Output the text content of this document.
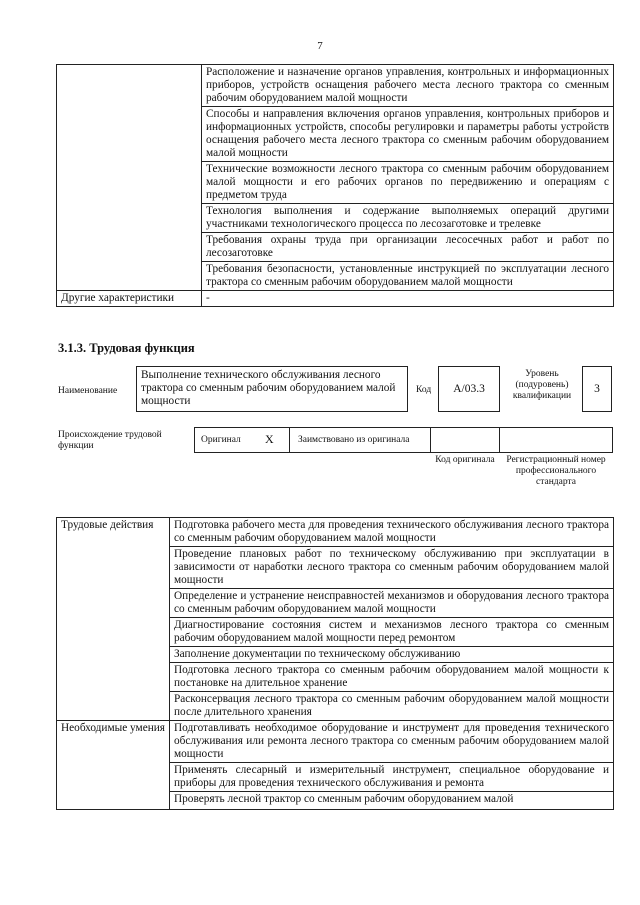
7
	Расположение и назначение органов управления, контрольных и информационных приборов, устройств оснащения рабочего места лесного трактора со сменным рабочим оборудованием малой мощности
	Способы и направления включения органов управления, контрольных приборов и информационных устройств, способы регулировки и параметры работы устройств оснащения рабочего места лесного трактора со сменным рабочим оборудованием малой мощности
	Технические возможности лесного трактора со сменным рабочим оборудованием малой мощности и его рабочих органов по передвижению и операциям с предметом труда
	Технология выполнения и содержание выполняемых операций другими участниками технологического процесса по лесозаготовке и трелевке
	Требования охраны труда при организации лесосечных работ и работ по лесозаготовке
	Требования безопасности, установленные инструкцией по эксплуатации лесного трактора со сменным рабочим оборудованием малой мощности
Другие характеристики	-
3.1.3. Трудовая функция
Наименование
Выполнение технического обслуживания лесного трактора со сменным рабочим оборудованием малой мощности
Код	А/03.3
Уровень (подуровень) квалификации
3
Происхождение трудовой функции
Оригинал X	Заимствовано из оригинала
Код оригинала	Регистрационный номер профессионального стандарта
Трудовые действия	Подготовка рабочего места для проведения технического обслуживания лесного трактора со сменным рабочим оборудованием малой мощности
	Проведение плановых работ по техническому обслуживанию при эксплуатации в зависимости от наработки лесного трактора со сменным рабочим оборудованием малой мощности
	Определение и устранение неисправностей механизмов и оборудования лесного трактора со сменным рабочим оборудованием малой мощности
	Диагностирование состояния систем и механизмов лесного трактора со сменным рабочим оборудованием малой мощности перед ремонтом
	Заполнение документации по техническому обслуживанию
	Подготовка лесного трактора со сменным рабочим оборудованием малой мощности к постановке на длительное хранение
	Расконсервация лесного трактора со сменным рабочим оборудованием малой мощности после длительного хранения
Необходимые умения	Подготавливать необходимое оборудование и инструмент для проведения технического обслуживания или ремонта лесного трактора со сменным рабочим оборудованием малой мощности
	Применять слесарный и измерительный инструмент, специальное оборудование и приборы для проведения технического обслуживания и ремонта
	Проверять лесной трактор со сменным рабочим оборудованием малой
